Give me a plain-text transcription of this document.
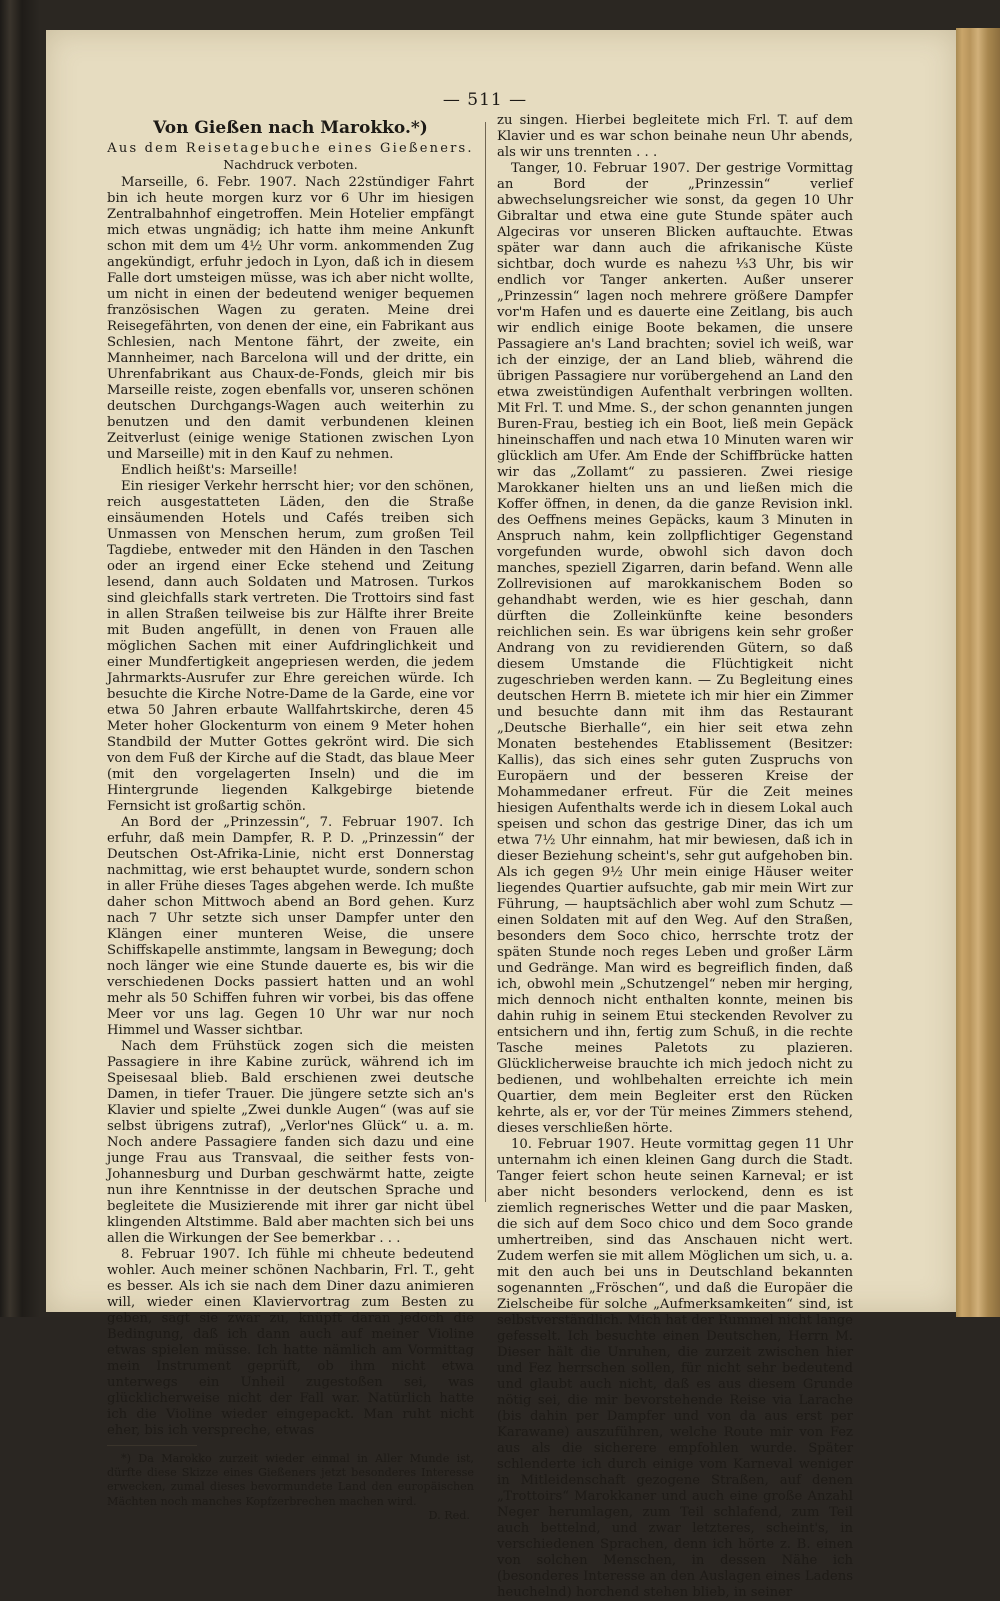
— 511 —
Von Gießen nach Marokko.*)
Aus dem Reisetagebuche eines Gießeners.
Nachdruck verboten.

Marseille, 6. Febr. 1907. Nach 22stündiger Fahrt bin ich heute morgen kurz vor 6 Uhr im hiesigen Zentralbahnhof eingetroffen. Mein Hotelier empfängt mich etwas ungnädig; ich hatte ihm meine Ankunft schon mit dem um 4½ Uhr vorm. ankommenden Zug angekündigt, erfuhr jedoch in Lyon, daß ich in diesem Falle dort umsteigen müsse, was ich aber nicht wollte, um nicht in einen der bedeutend weniger bequemen französischen Wagen zu geraten. Meine drei Reisegefährten, von denen der eine, ein Fabrikant aus Schlesien, nach Mentone fährt, der zweite, ein Mannheimer, nach Barcelona will und der dritte, ein Uhrenfabrikant aus Chaux-de-Fonds, gleich mir bis Marseille reiste, zogen ebenfalls vor, unseren schönen deutschen Durchgangs-Wagen auch weiterhin zu benutzen und den damit verbundenen kleinen Zeitverlust (einige wenige Stationen zwischen Lyon und Marseille) mit in den Kauf zu nehmen.

Endlich heißt's: Marseille!

Ein riesiger Verkehr herrscht hier; vor den schönen, reich ausgestatteten Läden, den die Straße einsäumenden Hotels und Cafés treiben sich Unmassen von Menschen herum, zum großen Teil Tagdiebe, entweder mit den Händen in den Taschen oder an irgend einer Ecke stehend und Zeitung lesend, dann auch Soldaten und Matrosen. Turkos sind gleichfalls stark vertreten. Die Trottoirs sind fast in allen Straßen teilweise bis zur Hälfte ihrer Breite mit Buden angefüllt, in denen von Frauen alle möglichen Sachen mit einer Aufdringlichkeit und einer Mundfertigkeit angepriesen werden, die jedem Jahrmarkts-Ausrufer zur Ehre gereichen würde. Ich besuchte die Kirche Notre-Dame de la Garde, eine vor etwa 50 Jahren erbaute Wallfahrtskirche, deren 45 Meter hoher Glockenturm von einem 9 Meter hohen Standbild der Mutter Gottes gekrönt wird. Die sich von dem Fuß der Kirche auf die Stadt, das blaue Meer (mit den vorgelagerten Inseln) und die im Hintergrunde liegenden Kalkgebirge bietende Fernsicht ist großartig schön.

An Bord der „Prinzessin“, 7. Februar 1907. Ich erfuhr, daß mein Dampfer, R. P. D. „Prinzessin“ der Deutschen Ost-Afrika-Linie, nicht erst Donnerstag nachmittag, wie erst behauptet wurde, sondern schon in aller Frühe dieses Tages abgehen werde. Ich mußte daher schon Mittwoch abend an Bord gehen. Kurz nach 7 Uhr setzte sich unser Dampfer unter den Klängen einer munteren Weise, die unsere Schiffskapelle anstimmte, langsam in Bewegung; doch noch länger wie eine Stunde dauerte es, bis wir die verschiedenen Docks passiert hatten und an wohl mehr als 50 Schiffen fuhren wir vorbei, bis das offene Meer vor uns lag. Gegen 10 Uhr war nur noch Himmel und Wasser sichtbar.

Nach dem Frühstück zogen sich die meisten Passagiere in ihre Kabine zurück, während ich im Speisesaal blieb. Bald erschienen zwei deutsche Damen, in tiefer Trauer. Die jüngere setzte sich an's Klavier und spielte „Zwei dunkle Augen“ (was auf sie selbst übrigens zutraf), „Verlor'nes Glück“ u. a. m. Noch andere Passagiere fanden sich dazu und eine junge Frau aus Transvaal, die seither fests von-Johannesburg und Durban geschwärmt hatte, zeigte nun ihre Kenntnisse in der deutschen Sprache und begleitete die Musizierende mit ihrer gar nicht übel klingenden Altstimme. Bald aber machten sich bei uns allen die Wirkungen der See bemerkbar . . .

8. Februar 1907. Ich fühle mi chheute bedeutend wohler. Auch meiner schönen Nachbarin, Frl. T., geht es besser. Als ich sie nach dem Diner dazu animieren will, wieder einen Klaviervortrag zum Besten zu geben, sagt sie zwar zu, knüpft daran jedoch die Bedingung, daß ich dann auch auf meiner Violine etwas spielen müsse. Ich hatte nämlich am Vormittag mein Instrument geprüft, ob ihm nicht etwa unterwegs ein Unheil zugestoßen sei, was glücklicherweise nicht der Fall war. Natürlich hatte ich die Violine wieder eingepackt. Man ruht nicht eher, bis ich verspreche, etwas

*) Da Marokko zurzeit wieder einmal in Aller Munde ist, dürfte diese Skizze eines Gießeners jetzt besonderes Interesse erwecken, zumal dieses bevormundete Land den europäischen Mächten noch manches Kopfzerbrechen machen wird.
D. Red.

zu singen. Hierbei begleitete mich Frl. T. auf dem Klavier und es war schon beinahe neun Uhr abends, als wir uns trennten . . .

Tanger, 10. Februar 1907. Der gestrige Vormittag an Bord der „Prinzessin“ verlief abwechselungsreicher wie sonst, da gegen 10 Uhr Gibraltar und etwa eine gute Stunde später auch Algeciras vor unseren Blicken auftauchte. Etwas später war dann auch die afrikanische Küste sichtbar, doch wurde es nahezu ⅓3 Uhr, bis wir endlich vor Tanger ankerten. Außer unserer „Prinzessin“ lagen noch mehrere größere Dampfer vor'm Hafen und es dauerte eine Zeitlang, bis auch wir endlich einige Boote bekamen, die unsere Passagiere an's Land brachten; soviel ich weiß, war ich der einzige, der an Land blieb, während die übrigen Passagiere nur vorübergehend an Land den etwa zweistündigen Aufenthalt verbringen wollten. Mit Frl. T. und Mme. S., der schon genannten jungen Buren-Frau, bestieg ich ein Boot, ließ mein Gepäck hineinschaffen und nach etwa 10 Minuten waren wir glücklich am Ufer. Am Ende der Schiffbrücke hatten wir das „Zollamt“ zu passieren. Zwei riesige Marokkaner hielten uns an und ließen mich die Koffer öffnen, in denen, da die ganze Revision inkl. des Oeffnens meines Gepäcks, kaum 3 Minuten in Anspruch nahm, kein zollpflichtiger Gegenstand vorgefunden wurde, obwohl sich davon doch manches, speziell Zigarren, darin befand. Wenn alle Zollrevisionen auf marokkanischem Boden so gehandhabt werden, wie es hier geschah, dann dürften die Zolleinkünfte keine besonders reichlichen sein. Es war übrigens kein sehr großer Andrang von zu revidierenden Gütern, so daß diesem Umstande die Flüchtigkeit nicht zugeschrieben werden kann. — Zu Begleitung eines deutschen Herrn B. mietete ich mir hier ein Zimmer und besuchte dann mit ihm das Restaurant „Deutsche Bierhalle“, ein hier seit etwa zehn Monaten bestehendes Etablissement (Besitzer: Kallis), das sich eines sehr guten Zuspruchs von Europäern und der besseren Kreise der Mohammedaner erfreut. Für die Zeit meines hiesigen Aufenthalts werde ich in diesem Lokal auch speisen und schon das gestrige Diner, das ich um etwa 7½ Uhr einnahm, hat mir bewiesen, daß ich in dieser Beziehung scheint's, sehr gut aufgehoben bin. Als ich gegen 9½ Uhr mein einige Häuser weiter liegendes Quartier aufsuchte, gab mir mein Wirt zur Führung, — hauptsächlich aber wohl zum Schutz — einen Soldaten mit auf den Weg. Auf den Straßen, besonders dem Soco chico, herrschte trotz der späten Stunde noch reges Leben und großer Lärm und Gedränge. Man wird es begreiflich finden, daß ich, obwohl mein „Schutzengel“ neben mir herging, mich dennoch nicht enthalten konnte, meinen bis dahin ruhig in seinem Etui steckenden Revolver zu entsichern und ihn, fertig zum Schuß, in die rechte Tasche meines Paletots zu plazieren. Glücklicherweise brauchte ich mich jedoch nicht zu bedienen, und wohlbehalten erreichte ich mein Quartier, dem mein Begleiter erst den Rücken kehrte, als er, vor der Tür meines Zimmers stehend, dieses verschließen hörte.

10. Februar 1907. Heute vormittag gegen 11 Uhr unternahm ich einen kleinen Gang durch die Stadt. Tanger feiert schon heute seinen Karneval; er ist aber nicht besonders verlockend, denn es ist ziemlich regnerisches Wetter und die paar Masken, die sich auf dem Soco chico und dem Soco grande umhertreiben, sind das Anschauen nicht wert. Zudem werfen sie mit allem Möglichen um sich, u. a. mit den auch bei uns in Deutschland bekannten sogenannten „Fröschen“, und daß die Europäer die Zielscheibe für solche „Aufmerksamkeiten“ sind, ist selbstverständlich. Mich hat der Rummel nicht lange gefesselt. Ich besuchte einen Deutschen, Herrn M. Dieser hält die Unruhen, die zurzeit zwischen hier und Fez herrschen sollen, für nicht sehr bedeutend und glaubt auch nicht, daß es aus diesem Grunde nötig sei, die mir bevorstehende Reise via Larache (bis dahin per Dampfer und von da aus erst per Karawane) auszuführen, welche Route mir von Fez aus als die sicherere empfohlen wurde. Später schlenderte ich durch einige vom Karneval weniger in Mitleidenschaft gezogene Straßen, auf denen „Trottoirs“ Marokkaner und auch eine große Anzahl Neger herumlagen, zum Teil schlafend, zum Teil auch bettelnd, und zwar letzteres, scheint's, in verschiedenen Sprachen, denn ich hörte z. B. einen von solchen Menschen, in dessen Nähe ich (besonderes Interesse an den Auslagen eines Ladens heuchelnd) horchend stehen blieb, in seiner
